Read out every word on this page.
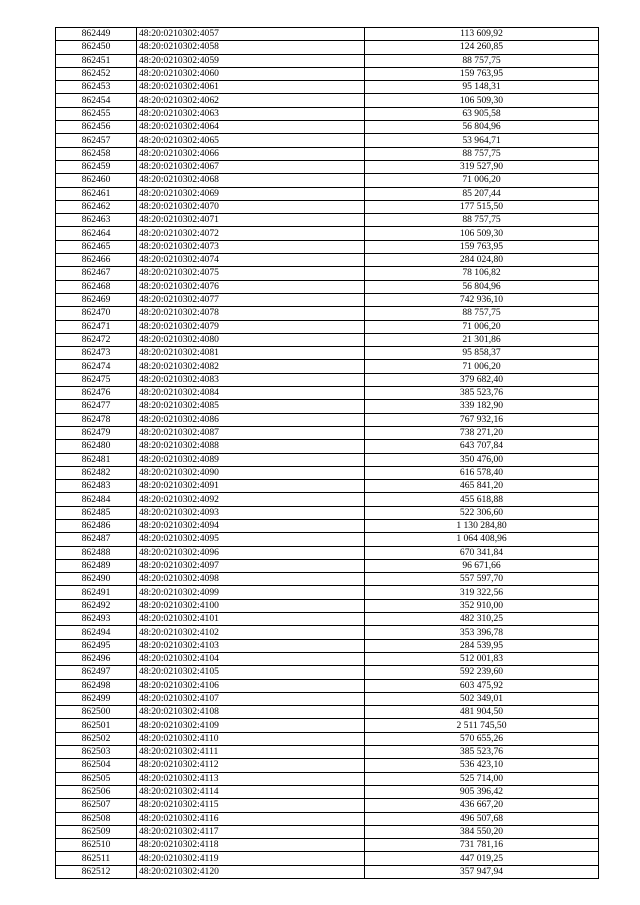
862449	48:20:0210302:4057	113 609,92
862450	48:20:0210302:4058	124 260,85
862451	48:20:0210302:4059	88 757,75
862452	48:20:0210302:4060	159 763,95
862453	48:20:0210302:4061	95 148,31
862454	48:20:0210302:4062	106 509,30
862455	48:20:0210302:4063	63 905,58
862456	48:20:0210302:4064	56 804,96
862457	48:20:0210302:4065	53 964,71
862458	48:20:0210302:4066	88 757,75
862459	48:20:0210302:4067	319 527,90
862460	48:20:0210302:4068	71 006,20
862461	48:20:0210302:4069	85 207,44
862462	48:20:0210302:4070	177 515,50
862463	48:20:0210302:4071	88 757,75
862464	48:20:0210302:4072	106 509,30
862465	48:20:0210302:4073	159 763,95
862466	48:20:0210302:4074	284 024,80
862467	48:20:0210302:4075	78 106,82
862468	48:20:0210302:4076	56 804,96
862469	48:20:0210302:4077	742 936,10
862470	48:20:0210302:4078	88 757,75
862471	48:20:0210302:4079	71 006,20
862472	48:20:0210302:4080	21 301,86
862473	48:20:0210302:4081	95 858,37
862474	48:20:0210302:4082	71 006,20
862475	48:20:0210302:4083	379 682,40
862476	48:20:0210302:4084	385 523,76
862477	48:20:0210302:4085	339 182,90
862478	48:20:0210302:4086	767 932,16
862479	48:20:0210302:4087	738 271,20
862480	48:20:0210302:4088	643 707,84
862481	48:20:0210302:4089	350 476,00
862482	48:20:0210302:4090	616 578,40
862483	48:20:0210302:4091	465 841,20
862484	48:20:0210302:4092	455 618,88
862485	48:20:0210302:4093	522 306,60
862486	48:20:0210302:4094	1 130 284,80
862487	48:20:0210302:4095	1 064 408,96
862488	48:20:0210302:4096	670 341,84
862489	48:20:0210302:4097	96 671,66
862490	48:20:0210302:4098	557 597,70
862491	48:20:0210302:4099	319 322,56
862492	48:20:0210302:4100	352 910,00
862493	48:20:0210302:4101	482 310,25
862494	48:20:0210302:4102	353 396,78
862495	48:20:0210302:4103	284 539,95
862496	48:20:0210302:4104	512 001,83
862497	48:20:0210302:4105	592 239,60
862498	48:20:0210302:4106	603 475,92
862499	48:20:0210302:4107	502 349,01
862500	48:20:0210302:4108	481 904,50
862501	48:20:0210302:4109	2 511 745,50
862502	48:20:0210302:4110	570 655,26
862503	48:20:0210302:4111	385 523,76
862504	48:20:0210302:4112	536 423,10
862505	48:20:0210302:4113	525 714,00
862506	48:20:0210302:4114	905 396,42
862507	48:20:0210302:4115	436 667,20
862508	48:20:0210302:4116	496 507,68
862509	48:20:0210302:4117	384 550,20
862510	48:20:0210302:4118	731 781,16
862511	48:20:0210302:4119	447 019,25
862512	48:20:0210302:4120	357 947,94
